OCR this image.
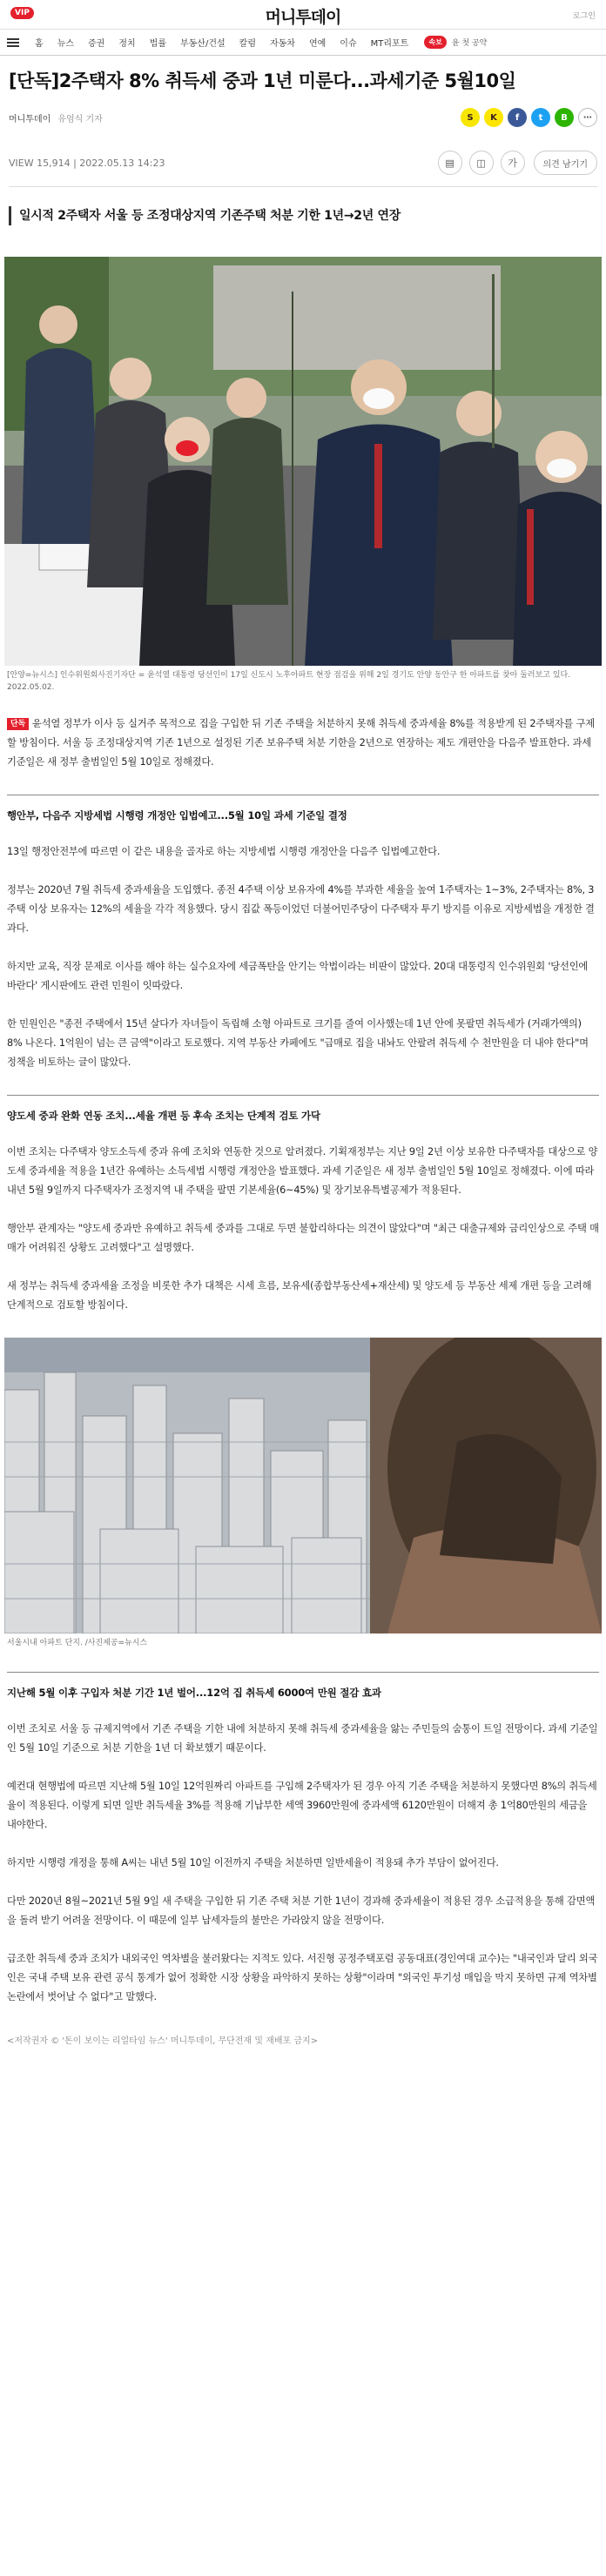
VIP	머니투데이	로그인
홈	뉴스	증권	정치	법률	부동산/건설	칼럼	자동차	연예	이슈	MT리포트	속보	윤 첫 공약
[단독]2주택자 8% 취득세 중과 1년 미룬다...과세기준 5월10일
머니투데이 유엄식 기자	S	K	f	t	B	⋯
VIEW 15,914 | 2022.05.13 14:23	▤	◫	가	의견 남기기
일시적 2주택자 서울 등 조정대상지역 기존주택 처분 기한 1년→2년 연장
[안양=뉴시스] 인수위원회사진기자단 = 윤석열 대통령 당선인이 17일 신도시 노후아파트 현장 점검을 위해 2일 경기도 안양 동안구 한 아파트를 찾아 둘러보고 있다. 2022.05.02.

단독 윤석열 정부가 이사 등 실거주 목적으로 집을 구입한 뒤 기존 주택을 처분하지 못해 취득세 중과세율 8%를 적용받게 된 2주택자를 구제할 방침이다. 서울 등 조정대상지역 기존 1년으로 설정된 기존 보유주택 처분 기한을 2년으로 연장하는 제도 개편안을 다음주 발표한다. 과세 기준일은 새 정부 출범일인 5월 10일로 정해졌다.

행안부, 다음주 지방세법 시행령 개정안 입법예고...5월 10일 과세 기준일 결정

13일 행정안전부에 따르면 이 같은 내용을 골자로 하는 지방세법 시행령 개정안을 다음주 입법예고한다.

정부는 2020년 7월 취득세 중과세율을 도입했다. 종전 4주택 이상 보유자에 4%를 부과한 세율을 높여 1주택자는 1~3%, 2주택자는 8%, 3주택 이상 보유자는 12%의 세율을 각각 적용했다. 당시 집값 폭등이었던 더불어민주당이 다주택자 투기 방지를 이유로 지방세법을 개정한 결과다.

하지만 교육, 직장 문제로 이사를 해야 하는 실수요자에 세금폭탄을 안기는 악법이라는 비판이 많았다. 20대 대통령직 인수위원회 '당선인에 바란다' 게시판에도 관련 민원이 잇따랐다.

한 민원인은 "종전 주택에서 15년 살다가 자녀들이 독립해 소형 아파트로 크기를 줄여 이사했는데 1년 안에 못팔면 취득세가 (거래가액의) 8% 나온다. 1억원이 넘는 큰 금액"이라고 토로했다. 지역 부동산 카페에도 "급매로 집을 내놔도 안팔려 취득세 수 천만원을 더 내야 한다"며 정책을 비토하는 글이 많았다.

양도세 중과 완화 연동 조치...세율 개편 등 후속 조치는 단계적 검토 가닥

이번 조치는 다주택자 양도소득세 중과 유예 조치와 연동한 것으로 알려졌다. 기획재정부는 지난 9일 2년 이상 보유한 다주택자를 대상으로 양도세 중과세율 적용을 1년간 유예하는 소득세법 시행령 개정안을 발표했다. 과세 기준일은 새 정부 출범일인 5월 10일로 정해졌다. 이에 따라 내년 5월 9일까지 다주택자가 조정지역 내 주택을 팔면 기본세율(6~45%) 및 장기보유특별공제가 적용된다.

행안부 관계자는 "양도세 중과만 유예하고 취득세 중과를 그대로 두면 불합리하다는 의견이 많았다"며 "최근 대출규제와 금리인상으로 주택 매매가 어려워진 상황도 고려했다"고 설명했다.

새 정부는 취득세 중과세율 조정을 비롯한 추가 대책은 시세 흐름, 보유세(종합부동산세+재산세) 및 양도세 등 부동산 세제 개편 등을 고려해 단계적으로 검토할 방침이다.

서울시내 아파트 단지. /사진제공=뉴시스
지난해 5월 이후 구입자 처분 기간 1년 벌어...12억 집 취득세 6000여 만원 절감 효과

이번 조치로 서울 등 규제지역에서 기존 주택을 기한 내에 처분하지 못해 취득세 중과세율을 앓는 주민들의 숨통이 트일 전망이다. 과세 기준일인 5월 10일 기준으로 처분 기한을 1년 더 확보했기 때문이다.

예컨대 현행법에 따르면 지난해 5월 10일 12억원짜리 아파트를 구입해 2주택자가 된 경우 아직 기존 주택을 처분하지 못했다면 8%의 취득세율이 적용된다. 이렇게 되면 일반 취득세율 3%를 적용해 기납부한 세액 3960만원에 중과세액 6120만원이 더해져 총 1억80만원의 세금을 내야한다.

하지만 시행령 개정을 통해 A씨는 내년 5월 10일 이전까지 주택을 처분하면 일반세율이 적용돼 추가 부담이 없어진다.

다만 2020년 8월~2021년 5월 9일 새 주택을 구입한 뒤 기존 주택 처분 기한 1년이 경과해 중과세율이 적용된 경우 소급적용을 통해 감면액을 돌려 받기 어려울 전망이다. 이 때문에 일부 납세자들의 불만은 가라앉지 않을 전망이다.

급조한 취득세 중과 조치가 내외국인 역차별을 불러왔다는 지적도 있다. 서진형 공정주택포럼 공동대표(경인여대 교수)는 "내국인과 달리 외국인은 국내 주택 보유 관련 공식 통계가 없어 정확한 시장 상황을 파악하지 못하는 상황"이라며 "외국인 투기성 매입을 막지 못하면 규제 역차별 논란에서 벗어날 수 없다"고 말했다.

<저작권자 © '돈이 보이는 리얼타임 뉴스' 머니투데이, 무단전재 및 재배포 금지>
